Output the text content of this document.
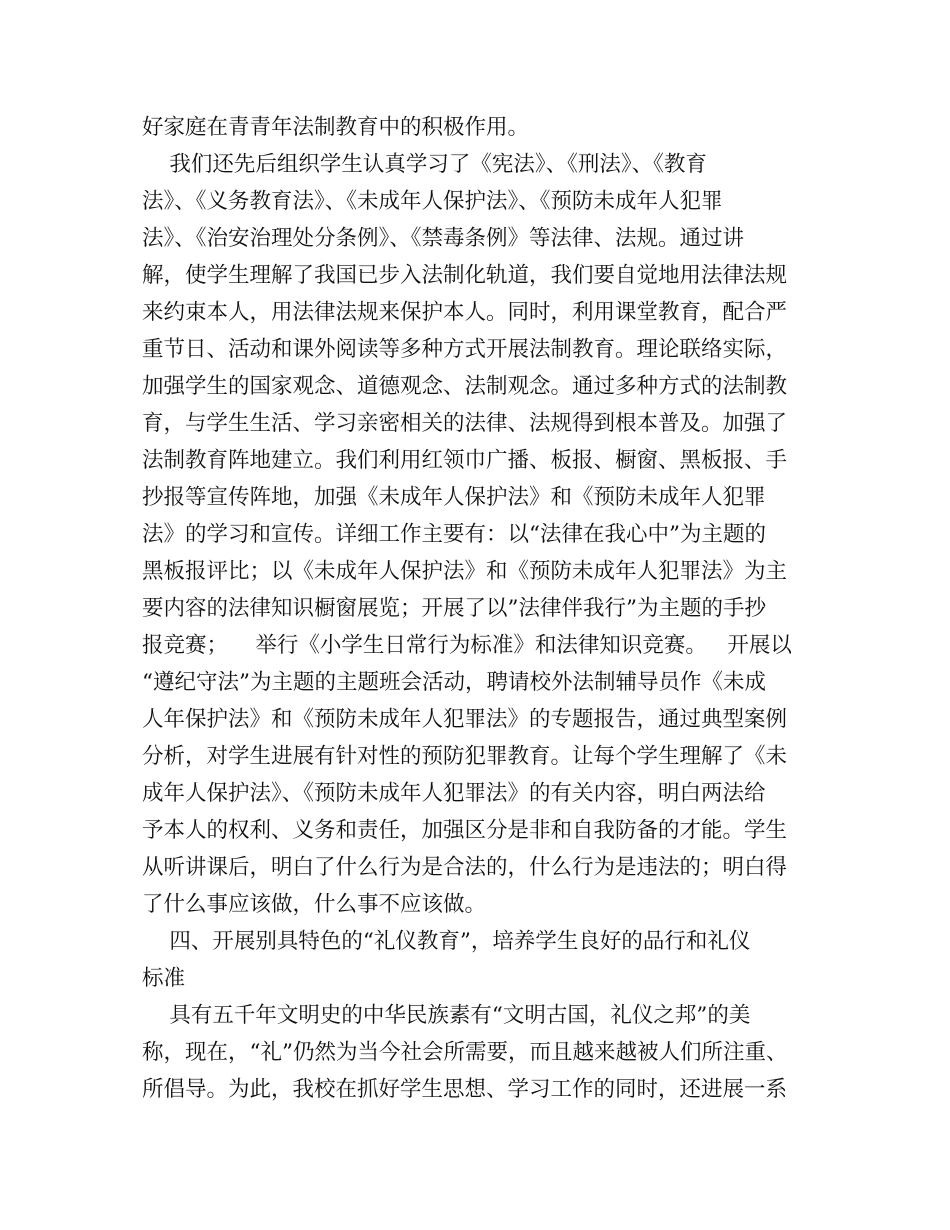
好家庭在青青年法制教育中的积极作用。
我们还先后组织学生认真学习了《宪法》、《刑法》、《教育
法》、《义务教育法》、《未成年人保护法》、《预防未成年人犯罪
法》、《治安治理处分条例》、《禁毒条例》等法律、法规。通过讲
解，使学生理解了我国已步入法制化轨道，我们要自觉地用法律法规
来约束本人，用法律法规来保护本人。同时，利用课堂教育，配合严
重节日、活动和课外阅读等多种方式开展法制教育。理论联络实际，
加强学生的国家观念、道德观念、法制观念。通过多种方式的法制教
育，与学生生活、学习亲密相关的法律、法规得到根本普及。加强了
法制教育阵地建立。我们利用红领巾广播、板报、橱窗、黑板报、手
抄报等宣传阵地，加强《未成年人保护法》和《预防未成年人犯罪
法》的学习和宣传。详细工作主要有：以“法律在我心中”为主题的
黑板报评比；以《未成年人保护法》和《预防未成年人犯罪法》为主
要内容的法律知识橱窗展览；开展了以”法律伴我行”为主题的手抄
报竞赛；    举行《小学生日常行为标准》和法律知识竞赛。   开展以
“遵纪守法”为主题的主题班会活动，聘请校外法制辅导员作《未成
人年保护法》和《预防未成年人犯罪法》的专题报告，通过典型案例
分析，对学生进展有针对性的预防犯罪教育。让每个学生理解了《未
成年人保护法》、《预防未成年人犯罪法》的有关内容，明白两法给
予本人的权利、义务和责任，加强区分是非和自我防备的才能。学生
从听讲课后，明白了什么行为是合法的，什么行为是违法的；明白得
了什么事应该做，什么事不应该做。
四、开展别具特色的“礼仪教育”，培养学生良好的品行和礼仪
标准
具有五千年文明史的中华民族素有“文明古国，礼仪之邦”的美
称，现在，“礼”仍然为当今社会所需要，而且越来越被人们所注重、
所倡导。为此，我校在抓好学生思想、学习工作的同时，还进展一系
